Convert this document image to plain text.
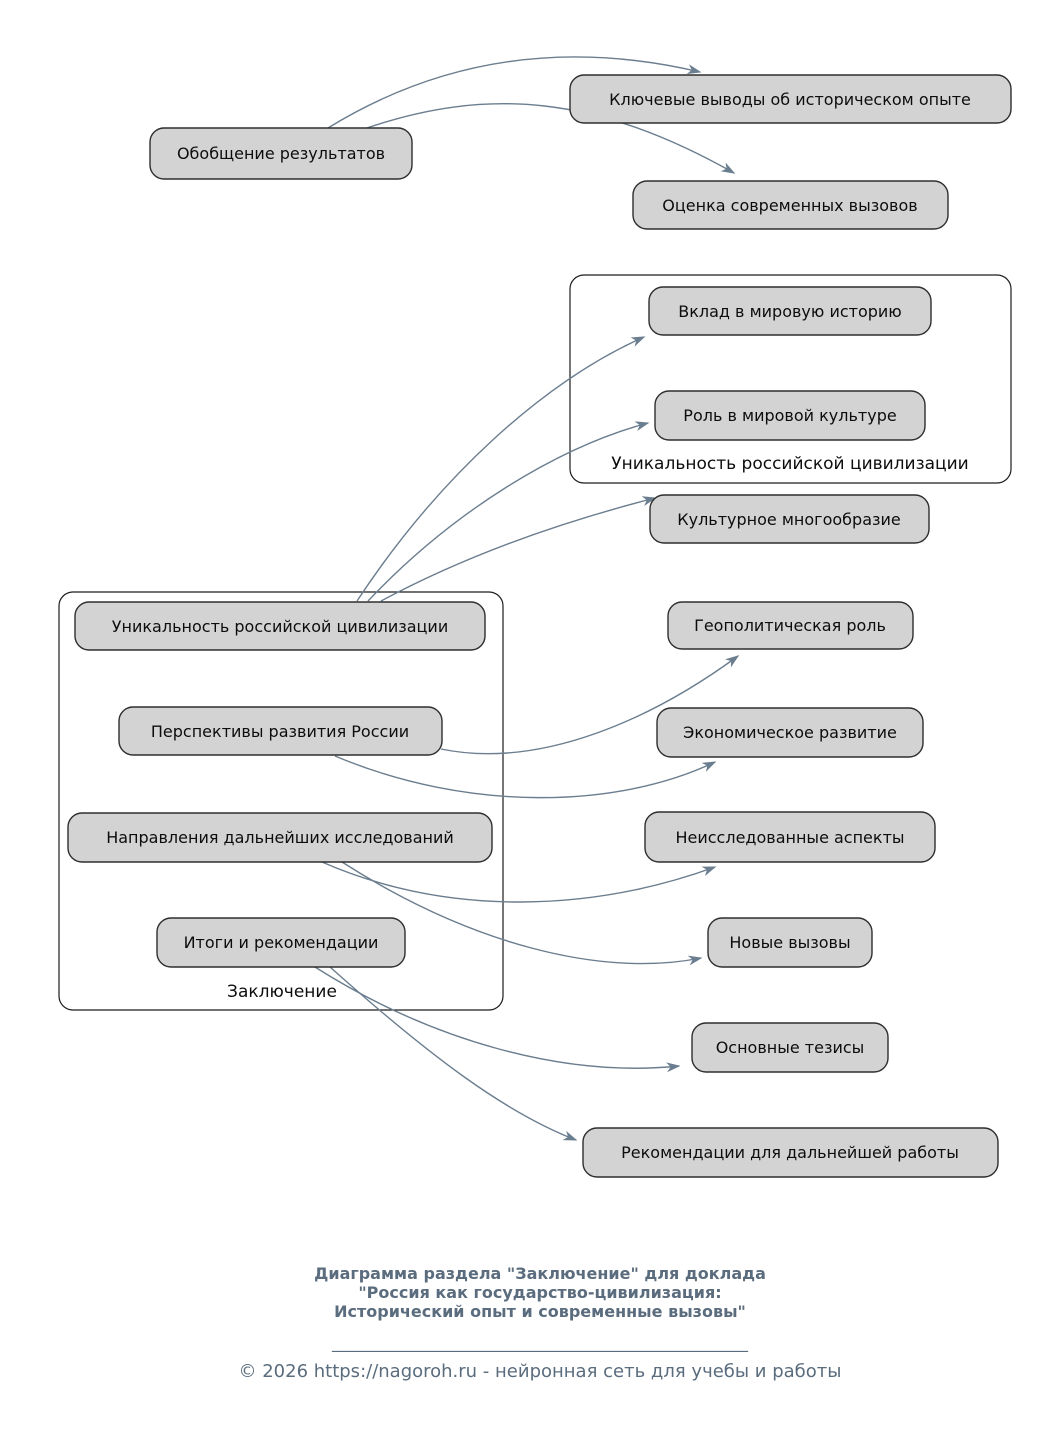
Уникальность российской цивилизации
Заключение
Обобщение результатов
Ключевые выводы об историческом опыте
Оценка современных вызовов
Вклад в мировую историю
Роль в мировой культуре
Культурное многообразие
Геополитическая роль
Уникальность российской цивилизации
Перспективы развития России
Направления дальнейших исследований
Итоги и рекомендации
Экономическое развитие
Неисследованные аспекты
Новые вызовы
Основные тезисы
Рекомендации для дальнейшей работы
Диаграмма раздела "Заключение" для доклада
"Россия как государство-цивилизация:
Исторический опыт и современные вызовы"
____________________________________________________
© 2026 https://nagoroh.ru - нейронная сеть для учебы и работы
